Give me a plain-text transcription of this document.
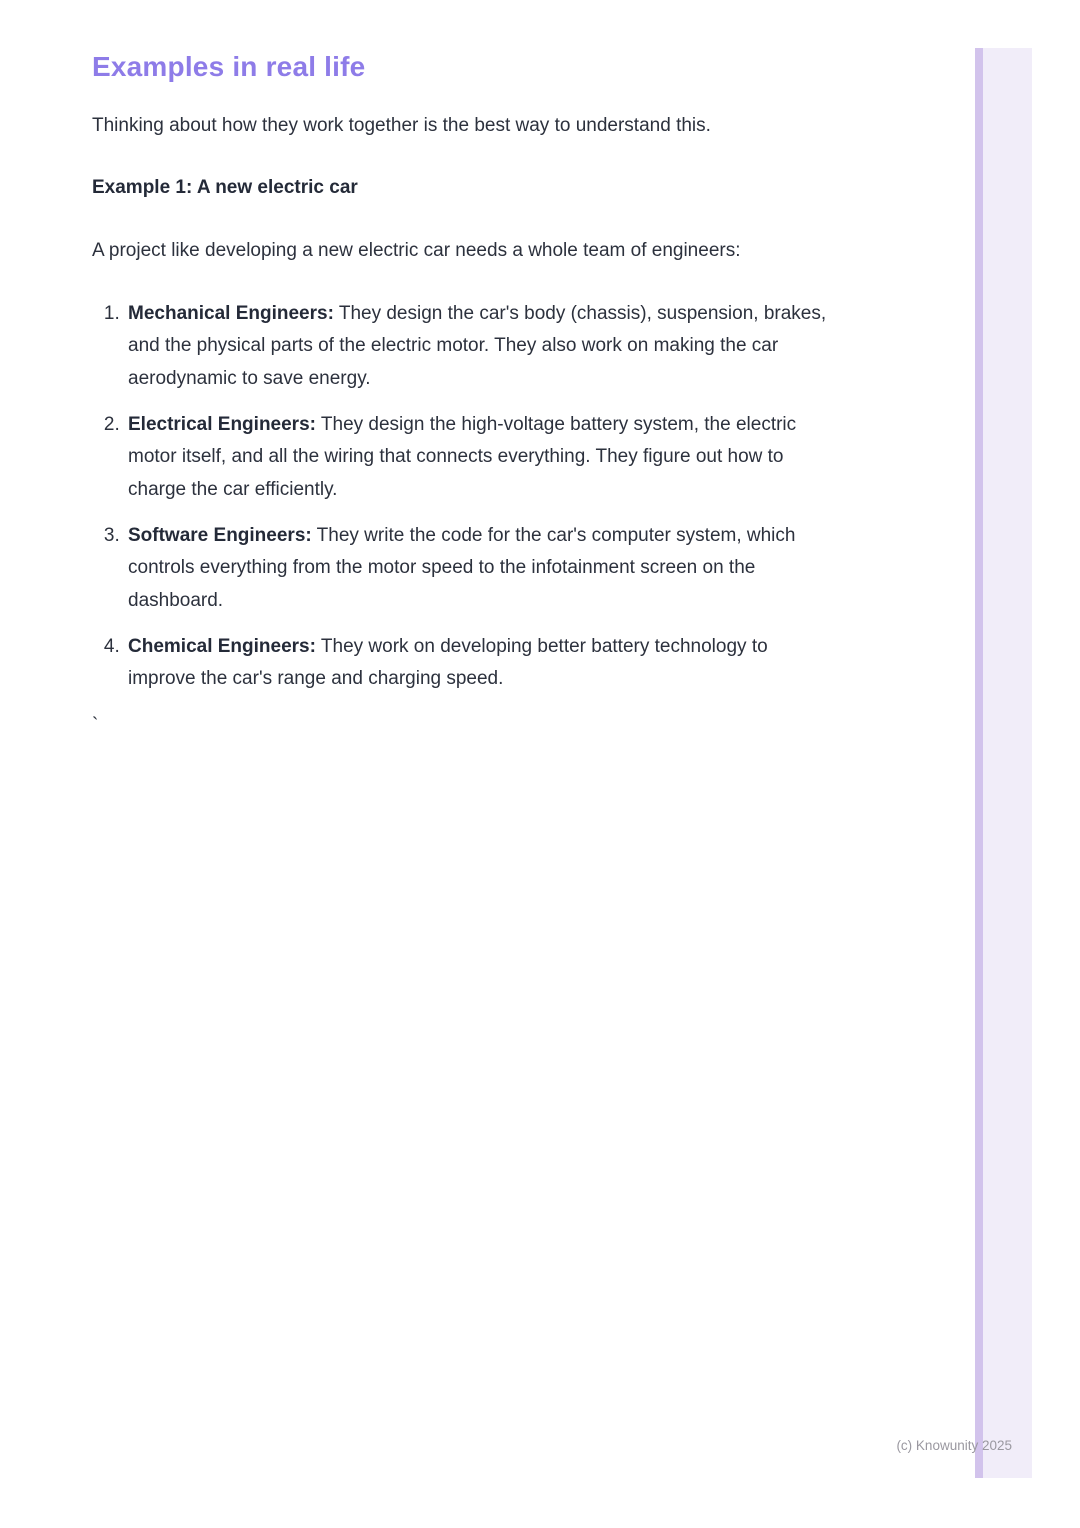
Examples in real life

Thinking about how they work together is the best way to understand this.

Example 1: A new electric car

A project like developing a new electric car needs a whole team of engineers:

1. Mechanical Engineers: They design the car's body (chassis), suspension, brakes, and the physical parts of the electric motor. They also work on making the car aerodynamic to save energy.
2. Electrical Engineers: They design the high-voltage battery system, the electric motor itself, and all the wiring that connects everything. They figure out how to charge the car efficiently.
3. Software Engineers: They write the code for the car's computer system, which controls everything from the motor speed to the infotainment screen on the dashboard.
4. Chemical Engineers: They work on developing better battery technology to improve the car's range and charging speed.

`

(c) Knowunity 2025
